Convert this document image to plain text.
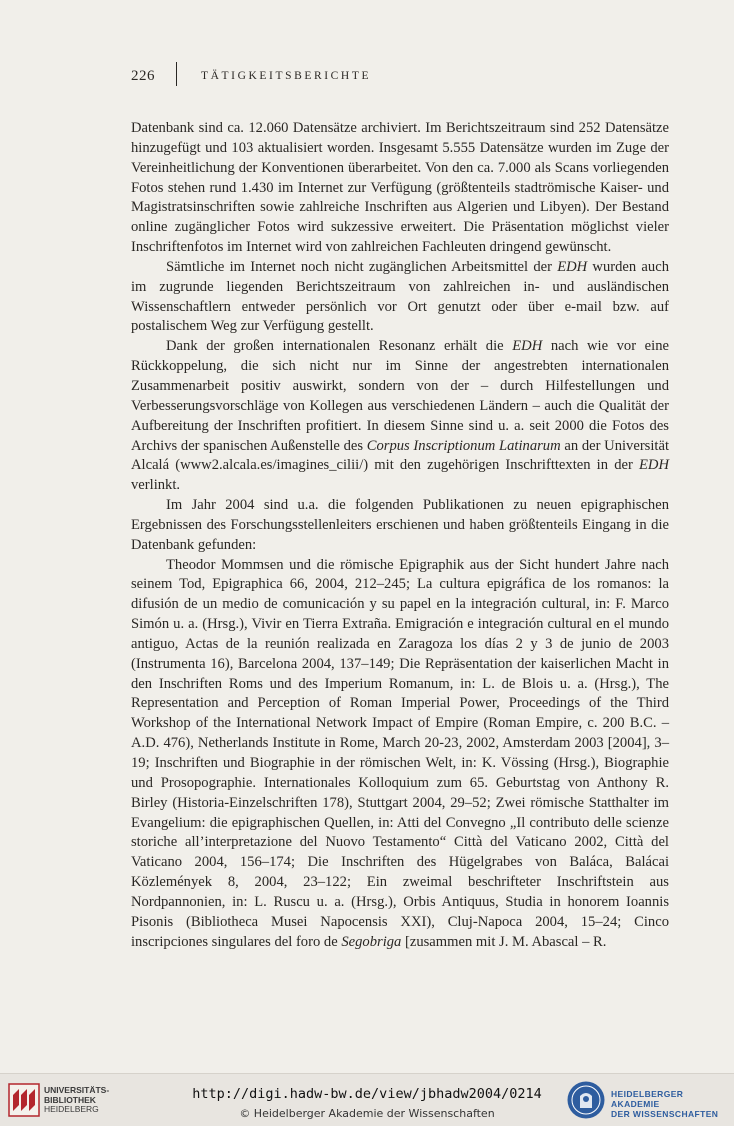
226	TÄTIGKEITSBERICHTE

Datenbank sind ca. 12.060 Datensätze archiviert. Im Berichtszeitraum sind 252 Datensätze hinzugefügt und 103 aktualisiert worden. Insgesamt 5.555 Datensätze wurden im Zuge der Vereinheitlichung der Konventionen überarbeitet. Von den ca. 7.000 als Scans vorliegenden Fotos stehen rund 1.430 im Internet zur Verfügung (größtenteils stadtrömische Kaiser- und Magistratsinschriften sowie zahlreiche Inschriften aus Algerien und Libyen). Der Bestand online zugänglicher Fotos wird sukzessive erweitert. Die Präsentation möglichst vieler Inschriftenfotos im Internet wird von zahlreichen Fachleuten dringend gewünscht.

Sämtliche im Internet noch nicht zugänglichen Arbeitsmittel der EDH wurden auch im zugrunde liegenden Berichtszeitraum von zahlreichen in- und ausländischen Wissenschaftlern entweder persönlich vor Ort genutzt oder über e-mail bzw. auf postalischem Weg zur Verfügung gestellt.

Dank der großen internationalen Resonanz erhält die EDH nach wie vor eine Rückkoppelung, die sich nicht nur im Sinne der angestrebten internationalen Zusammenarbeit positiv auswirkt, sondern von der – durch Hilfestellungen und Verbesserungsvorschläge von Kollegen aus verschiedenen Ländern – auch die Qualität der Aufbereitung der Inschriften profitiert. In diesem Sinne sind u. a. seit 2000 die Fotos des Archivs der spanischen Außenstelle des Corpus Inscriptionum Latinarum an der Universität Alcalá (www2.alcala.es/imagines_cilii/) mit den zugehörigen Inschrifttexten in der EDH verlinkt.

Im Jahr 2004 sind u.a. die folgenden Publikationen zu neuen epigraphischen Ergebnissen des Forschungsstellenleiters erschienen und haben größtenteils Eingang in die Datenbank gefunden:

Theodor Mommsen und die römische Epigraphik aus der Sicht hundert Jahre nach seinem Tod, Epigraphica 66, 2004, 212–245; La cultura epigráfica de los romanos: la difusión de un medio de comunicación y su papel en la integración cultural, in: F. Marco Simón u. a. (Hrsg.), Vivir en Tierra Extraña. Emigración e integración cultural en el mundo antiguo, Actas de la reunión realizada en Zaragoza los días 2 y 3 de junio de 2003 (Instrumenta 16), Barcelona 2004, 137–149; Die Repräsentation der kaiserlichen Macht in den Inschriften Roms und des Imperium Romanum, in: L. de Blois u. a. (Hrsg.), The Representation and Perception of Roman Imperial Power, Proceedings of the Third Workshop of the International Network Impact of Empire (Roman Empire, c. 200 B.C. – A.D. 476), Netherlands Institute in Rome, March 20-23, 2002, Amsterdam 2003 [2004], 3–19; Inschriften und Biographie in der römischen Welt, in: K. Vössing (Hrsg.), Biographie und Prosopographie. Internationales Kolloquium zum 65. Geburtstag von Anthony R. Birley (Historia-Einzelschriften 178), Stuttgart 2004, 29–52; Zwei römische Statthalter im Evangelium: die epigraphischen Quellen, in: Atti del Convegno „Il contributo delle scienze storiche all’interpretazione del Nuovo Testamento“ Città del Vaticano 2002, Città del Vaticano 2004, 156–174; Die Inschriften des Hügelgrabes von Baláca, Balácai Közlemények 8, 2004, 23–122; Ein zweimal beschrifteter Inschriftstein aus Nordpannonien, in: L. Ruscu u. a. (Hrsg.), Orbis Antiquus, Studia in honorem Ioannis Pisonis (Bibliotheca Musei Napocensis XXI), Cluj-Napoca 2004, 15–24; Cinco inscripciones singulares del foro de Segobriga [zusammen mit J. M. Abascal – R.

UNIVERSITÄTS-
BIBLIOTHEK
HEIDELBERG
http://digi.hadw-bw.de/view/jbhadw2004/0214
© Heidelberger Akademie der Wissenschaften
HEIDELBERGER AKADEMIE
DER WISSENSCHAFTEN
